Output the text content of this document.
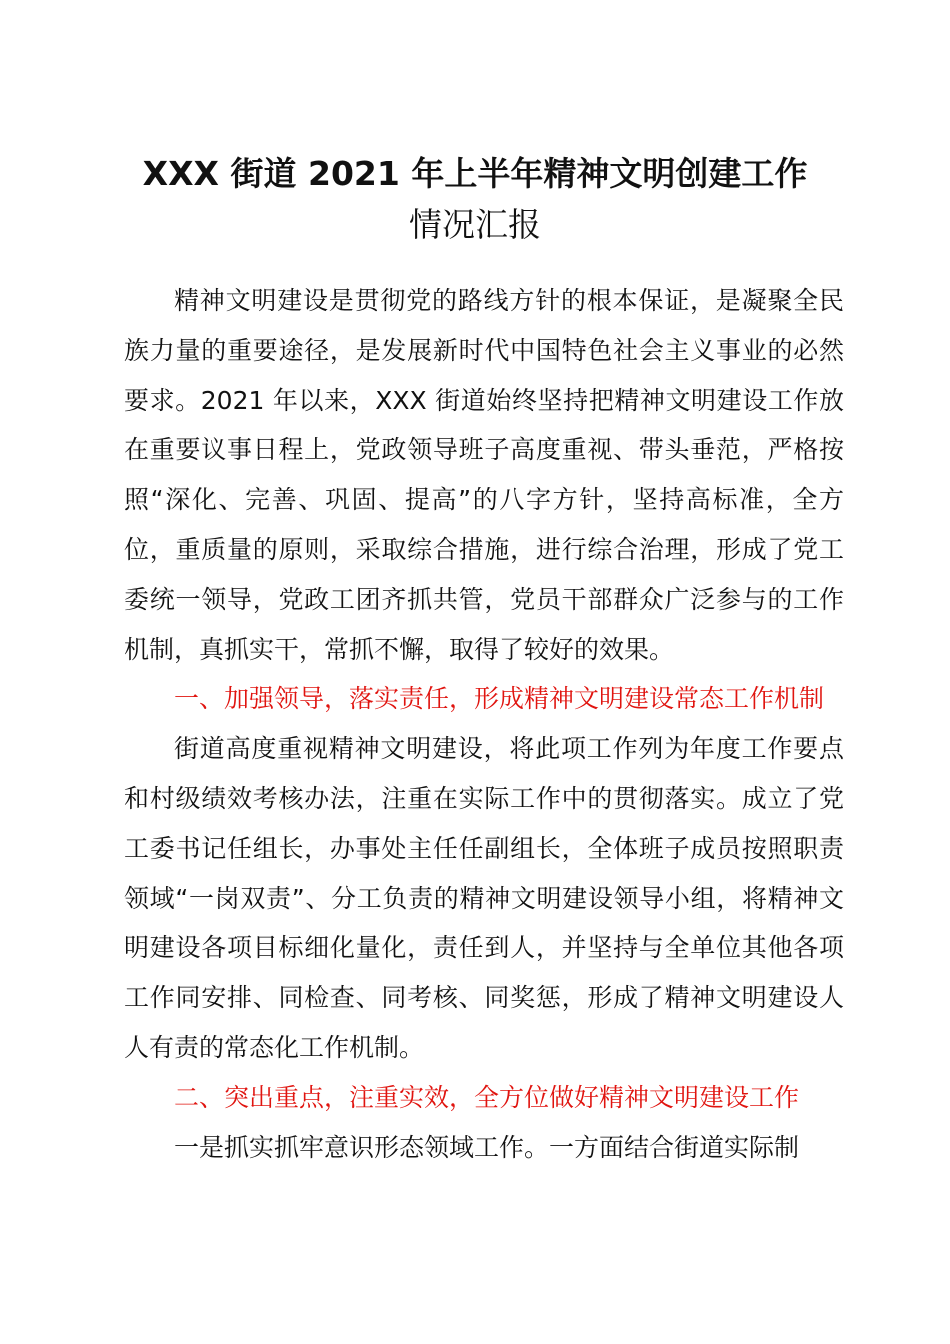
XXX 街道 2021 年上半年精神文明创建工作
情况汇报

精神文明建设是贯彻党的路线方针的根本保证，是凝聚全民族力量的重要途径，是发展新时代中国特色社会主义事业的必然要求。2021 年以来，XXX 街道始终坚持把精神文明建设工作放在重要议事日程上，党政领导班子高度重视、带头垂范，严格按照“深化、完善、巩固、提高”的八字方针，坚持高标准，全方位，重质量的原则，采取综合措施，进行综合治理，形成了党工委统一领导，党政工团齐抓共管，党员干部群众广泛参与的工作机制，真抓实干，常抓不懈，取得了较好的效果。

一、加强领导，落实责任，形成精神文明建设常态工作机制

街道高度重视精神文明建设，将此项工作列为年度工作要点和村级绩效考核办法，注重在实际工作中的贯彻落实。成立了党工委书记任组长，办事处主任任副组长，全体班子成员按照职责领域“一岗双责”、分工负责的精神文明建设领导小组，将精神文明建设各项目标细化量化，责任到人，并坚持与全单位其他各项工作同安排、同检查、同考核、同奖惩，形成了精神文明建设人人有责的常态化工作机制。

二、突出重点，注重实效，全方位做好精神文明建设工作

一是抓实抓牢意识形态领域工作。一方面结合街道实际制
